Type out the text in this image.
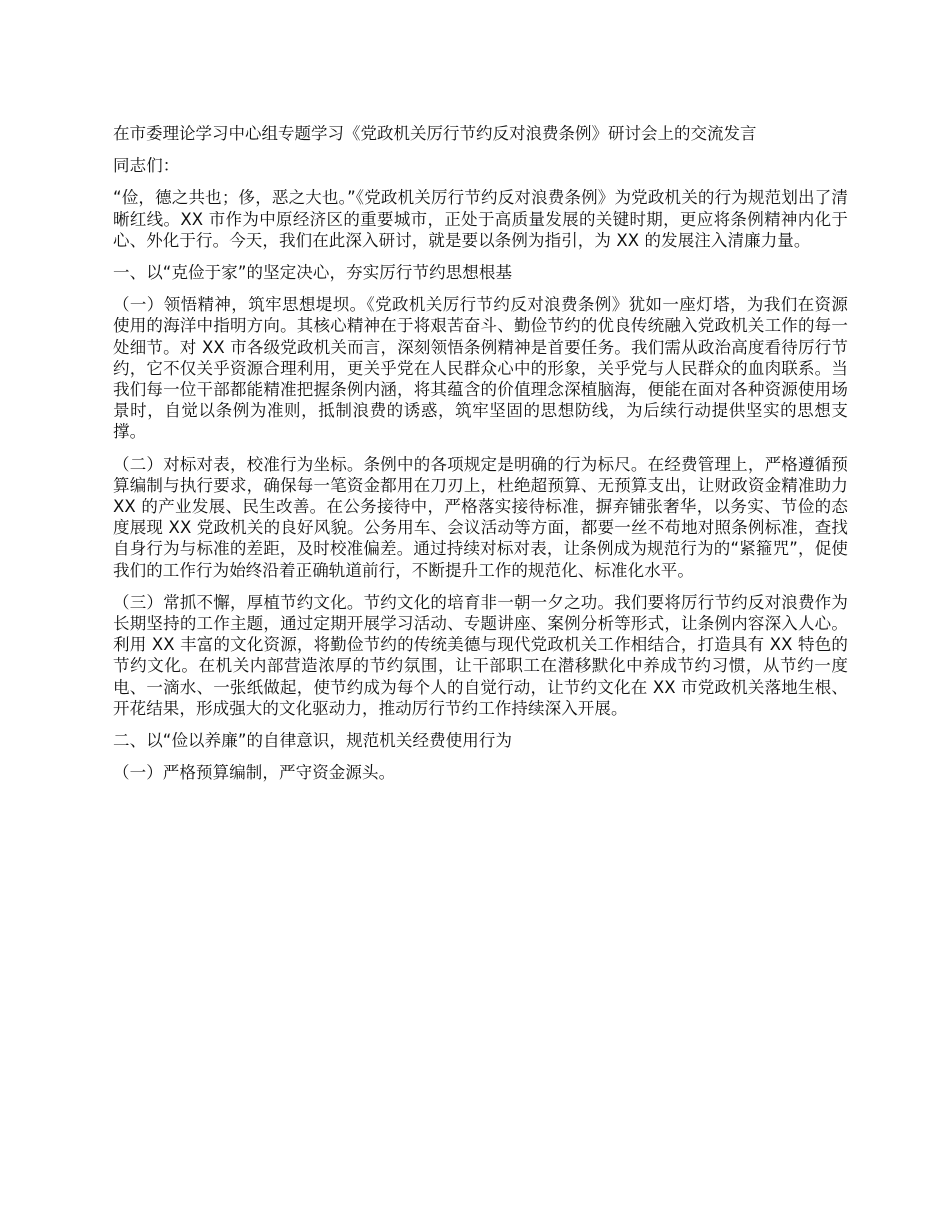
在市委理论学习中心组专题学习《党政机关厉行节约反对浪费条例》研讨会上的交流发言

同志们：

“俭，德之共也；侈，恶之大也。”《党政机关厉行节约反对浪费条例》为党政机关的行为规范划出了清晰红线。XX 市作为中原经济区的重要城市，正处于高质量发展的关键时期，更应将条例精神内化于心、外化于行。今天，我们在此深入研讨，就是要以条例为指引，为 XX 的发展注入清廉力量。

一、以“克俭于家”的坚定决心，夯实厉行节约思想根基

（一）领悟精神，筑牢思想堤坝。《党政机关厉行节约反对浪费条例》犹如一座灯塔，为我们在资源使用的海洋中指明方向。其核心精神在于将艰苦奋斗、勤俭节约的优良传统融入党政机关工作的每一处细节。对 XX 市各级党政机关而言，深刻领悟条例精神是首要任务。我们需从政治高度看待厉行节约，它不仅关乎资源合理利用，更关乎党在人民群众心中的形象，关乎党与人民群众的血肉联系。当我们每一位干部都能精准把握条例内涵，将其蕴含的价值理念深植脑海，便能在面对各种资源使用场景时，自觉以条例为准则，抵制浪费的诱惑，筑牢坚固的思想防线，为后续行动提供坚实的思想支撑。

（二）对标对表，校准行为坐标。条例中的各项规定是明确的行为标尺。在经费管理上，严格遵循预算编制与执行要求，确保每一笔资金都用在刀刃上，杜绝超预算、无预算支出，让财政资金精准助力 XX 的产业发展、民生改善。在公务接待中，严格落实接待标准，摒弃铺张奢华，以务实、节俭的态度展现 XX 党政机关的良好风貌。公务用车、会议活动等方面，都要一丝不苟地对照条例标准，查找自身行为与标准的差距，及时校准偏差。通过持续对标对表，让条例成为规范行为的“紧箍咒”，促使我们的工作行为始终沿着正确轨道前行，不断提升工作的规范化、标准化水平。

（三）常抓不懈，厚植节约文化。节约文化的培育非一朝一夕之功。我们要将厉行节约反对浪费作为长期坚持的工作主题，通过定期开展学习活动、专题讲座、案例分析等形式，让条例内容深入人心。利用 XX 丰富的文化资源，将勤俭节约的传统美德与现代党政机关工作相结合，打造具有 XX 特色的节约文化。在机关内部营造浓厚的节约氛围，让干部职工在潜移默化中养成节约习惯，从节约一度电、一滴水、一张纸做起，使节约成为每个人的自觉行动，让节约文化在 XX 市党政机关落地生根、开花结果，形成强大的文化驱动力，推动厉行节约工作持续深入开展。

二、以“俭以养廉”的自律意识，规范机关经费使用行为

（一）严格预算编制，严守资金源头。
